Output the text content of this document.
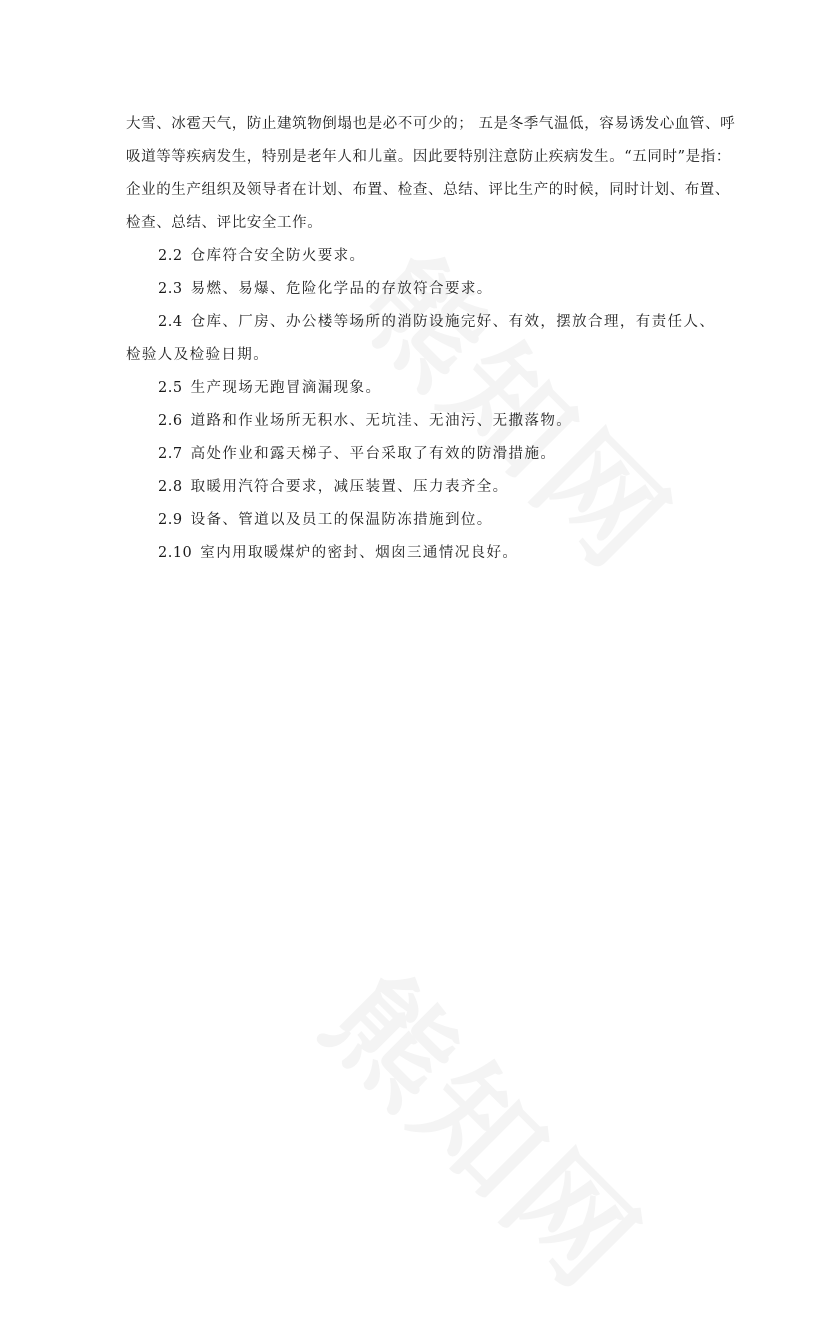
大雪、冰雹天气，防止建筑物倒塌也是必不可少的； 五是冬季气温低，容易诱发心血管、呼

吸道等等疾病发生，特别是老年人和儿童。因此要特别注意防止疾病发生。“五同时”是指：

企业的生产组织及领导者在计划、布置、检查、总结、评比生产的时候，同时计划、布置、

检查、总结、评比安全工作。

2.2 仓库符合安全防火要求。

2.3 易燃、易爆、危险化学品的存放符合要求。

2.4 仓库、厂房、办公楼等场所的消防设施完好、有效，摆放合理，有责任人、
检验人及检验日期。

2.5 生产现场无跑冒滴漏现象。

2.6 道路和作业场所无积水、无坑洼、无油污、无撒落物。

2.7 高处作业和露天梯子、平台采取了有效的防滑措施。

2.8 取暖用汽符合要求，减压装置、压力表齐全。

2.9 设备、管道以及员工的保温防冻措施到位。

2.10 室内用取暖煤炉的密封、烟囱三通情况良好。
